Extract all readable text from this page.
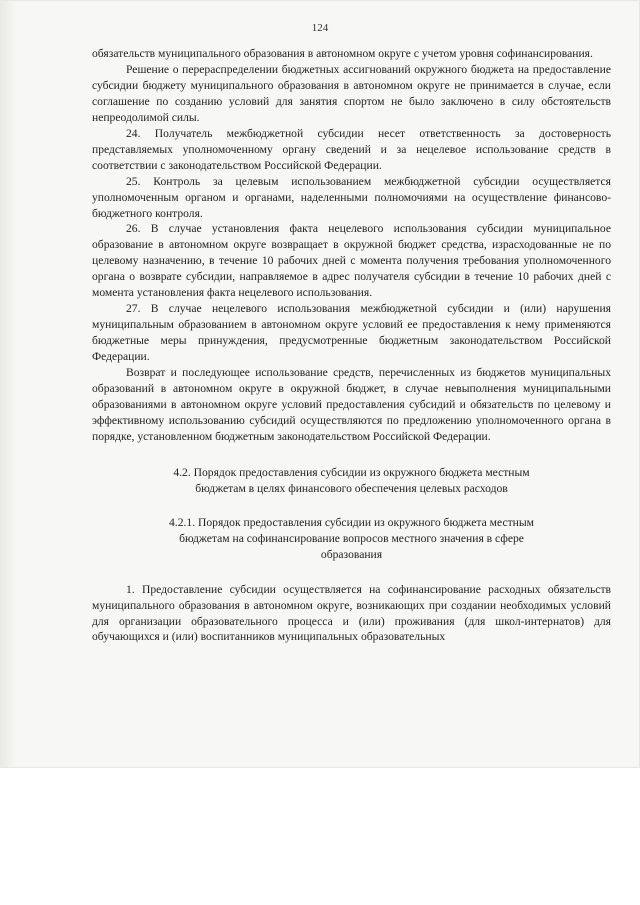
124

обязательств муниципального образования в автономном округе с учетом уровня софинансирования.

Решение о перераспределении бюджетных ассигнований окружного бюджета на предоставление субсидии бюджету муниципального образования в автономном округе не принимается в случае, если соглашение по созданию условий для занятия спортом не было заключено в силу обстоятельств непреодолимой силы.

24. Получатель межбюджетной субсидии несет ответственность за достоверность представляемых уполномоченному органу сведений и за нецелевое использование средств в соответствии с законодательством Российской Федерации.

25. Контроль за целевым использованием межбюджетной субсидии осуществляется уполномоченным органом и органами, наделенными полномочиями на осуществление финансово-бюджетного контроля.

26. В случае установления факта нецелевого использования субсидии муниципальное образование в автономном округе возвращает в окружной бюджет средства, израсходованные не по целевому назначению, в течение 10 рабочих дней с момента получения требования уполномоченного органа о возврате субсидии, направляемое в адрес получателя субсидии в течение 10 рабочих дней с момента установления факта нецелевого использования.

27. В случае нецелевого использования межбюджетной субсидии и (или) нарушения муниципальным образованием в автономном округе условий ее предоставления к нему применяются бюджетные меры принуждения, предусмотренные бюджетным законодательством Российской Федерации.

Возврат и последующее использование средств, перечисленных из бюджетов муниципальных образований в автономном округе в окружной бюджет, в случае невыполнения муниципальными образованиями в автономном округе условий предоставления субсидий и обязательств по целевому и эффективному использованию субсидий осуществляются по предложению уполномоченного органа в порядке, установленном бюджетным законодательством Российской Федерации.

4.2. Порядок предоставления субсидии из окружного бюджета местным бюджетам в целях финансового обеспечения целевых расходов

4.2.1. Порядок предоставления субсидии из окружного бюджета местным бюджетам на софинансирование вопросов местного значения в сфере образования

1. Предоставление субсидии осуществляется на софинансирование расходных обязательств муниципального образования в автономном округе, возникающих при создании необходимых условий для организации образовательного процесса и (или) проживания (для школ-интернатов) для обучающихся и (или) воспитанников муниципальных образовательных
